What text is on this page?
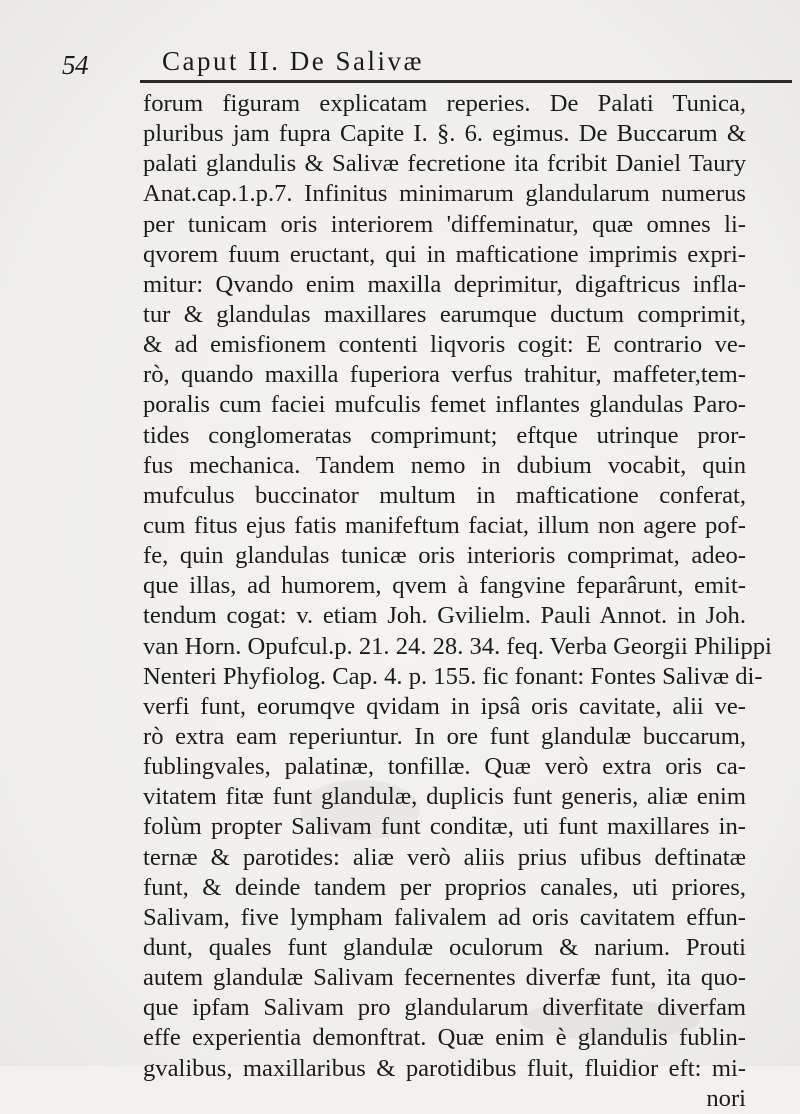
54	Caput II. De Salivæ
forum figuram explicatam reperies. De Palati Tunica,
pluribus jam fupra Capite I. §. 6. egimus. De Buccarum &
palati glandulis & Salivæ fecretione ita fcribit Daniel Taury
Anat.cap.1.p.7. Infinitus minimarum glandularum numerus
per tunicam oris interiorem 'diffeminatur, quæ omnes li-
qvorem fuum eructant, qui in mafticatione imprimis expri-
mitur: Qvando enim maxilla deprimitur, digaftricus infla-
tur & glandulas maxillares earumque ductum comprimit,
& ad emisfionem contenti liqvoris cogit: E contrario ve-
rò, quando maxilla fuperiora verfus trahitur, maffeter,tem-
poralis cum faciei mufculis femet inflantes glandulas Paro-
tides conglomeratas comprimunt; eftque utrinque pror-
fus mechanica. Tandem nemo in dubium vocabit, quin
mufculus buccinator multum in mafticatione conferat,
cum fitus ejus fatis manifeftum faciat, illum non agere pof-
fe, quin glandulas tunicæ oris interioris comprimat, adeo-
que illas, ad humorem, qvem à fangvine feparârunt, emit-
tendum cogat: v. etiam Joh. Gvilielm. Pauli Annot. in Joh.
van Horn. Opufcul.p. 21. 24. 28. 34. feq. Verba Georgii Philippi
Nenteri Phyfiolog. Cap. 4. p. 155. fic fonant: Fontes Salivæ di-
verfi funt, eorumqve qvidam in ipsâ oris cavitate, alii ve-
rò extra eam reperiuntur. In ore funt glandulæ buccarum,
fublingvales, palatinæ, tonfillæ. Quæ verò extra oris ca-
vitatem fitæ funt glandulæ, duplicis funt generis, aliæ enim
folùm propter Salivam funt conditæ, uti funt maxillares in-
ternæ & parotides: aliæ verò aliis prius ufibus deftinatæ
funt, & deinde tandem per proprios canales, uti priores,
Salivam, five lympham falivalem ad oris cavitatem effun-
dunt, quales funt glandulæ oculorum & narium. Prouti
autem glandulæ Salivam fecernentes diverfæ funt, ita quo-
que ipfam Salivam pro glandularum diverfitate diverfam
effe experientia demonftrat. Quæ enim è glandulis fublin-
gvalibus, maxillaribus & parotidibus fluit, fluidior eft: mi-
nori
